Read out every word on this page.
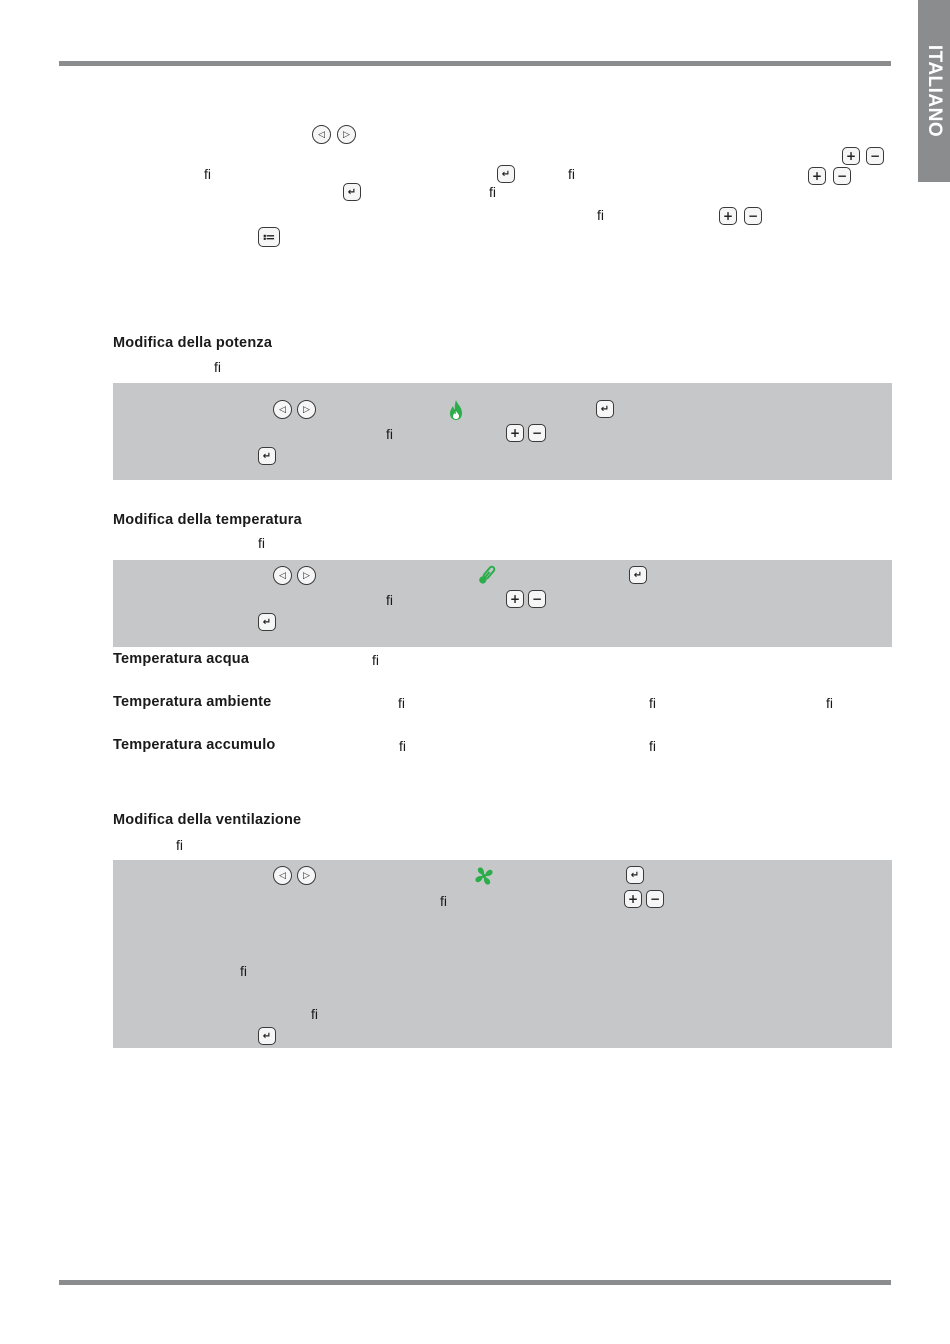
ITALIANO
◁	▷
+	−
fi	↵	fi	+	−
↵	fi
fi	+	−
≔
Modifica della potenza
fi
◁	▷	↵
fi	+ −
↵
Modifica della temperatura
fi
◁	▷	↵
fi	+ −
↵
Temperatura acqua	fi
Temperatura ambiente	fi	fi	fi
Temperatura accumulo	fi	fi
Modifica della ventilazione
fi
◁	▷	↵
fi	+ −
fi
fi
↵
